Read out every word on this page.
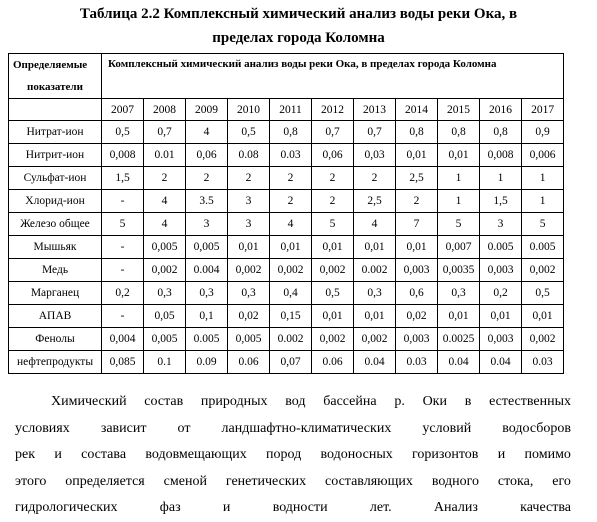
Таблица 2.2 Комплексный химический анализ воды реки Ока, в
пределах города Коломна
Определяемые
показатели	Комплексный химический анализ воды реки Ока, в пределах города Коломна										

	2007	2008	2009	2010	2011	2012	2013	2014	2015	2016	2017
Нитрат-ион	0,5	0,7	4	0,5	0,8	0,7	0,7	0,8	0,8	0,8	0,9
Нитрит-ион	0,008	0.01	0,06	0.08	0.03	0,06	0,03	0,01	0,01	0,008	0,006
Сульфат-ион	1,5	2	2	2	2	2	2	2,5	1	1	1
Хлорид-ион	-	4	3.5	3	2	2	2,5	2	1	1,5	1
Железо общее	5	4	3	3	4	5	4	7	5	3	5
Мышьяк	-	0,005	0,005	0,01	0,01	0,01	0,01	0,01	0,007	0.005	0.005
Медь	-	0,002	0.004	0,002	0,002	0,002	0.002	0,003	0,0035	0,003	0,002
Марганец	0,2	0,3	0,3	0,3	0,4	0,5	0,3	0,6	0,3	0,2	0,5
АПАВ	-	0,05	0,1	0,02	0,15	0,01	0,01	0,02	0,01	0,01	0,01
Фенолы	0,004	0,005	0.005	0,005	0.002	0,002	0,002	0,003	0.0025	0,003	0,002
нефтепродукты	0,085	0.1	0.09	0.06	0,07	0.06	0.04	0.03	0.04	0.04	0.03
Химический состав природных вод бассейна р. Оки в естественных
условиях зависит от ландшафтно-климатических условий водосборов
рек и состава водовмещающих пород водоносных горизонтов и помимо
этого определяется сменой генетических составляющих водного стока, его
гидрологических	фаз	и	водности	лет.	Анализ	качества
